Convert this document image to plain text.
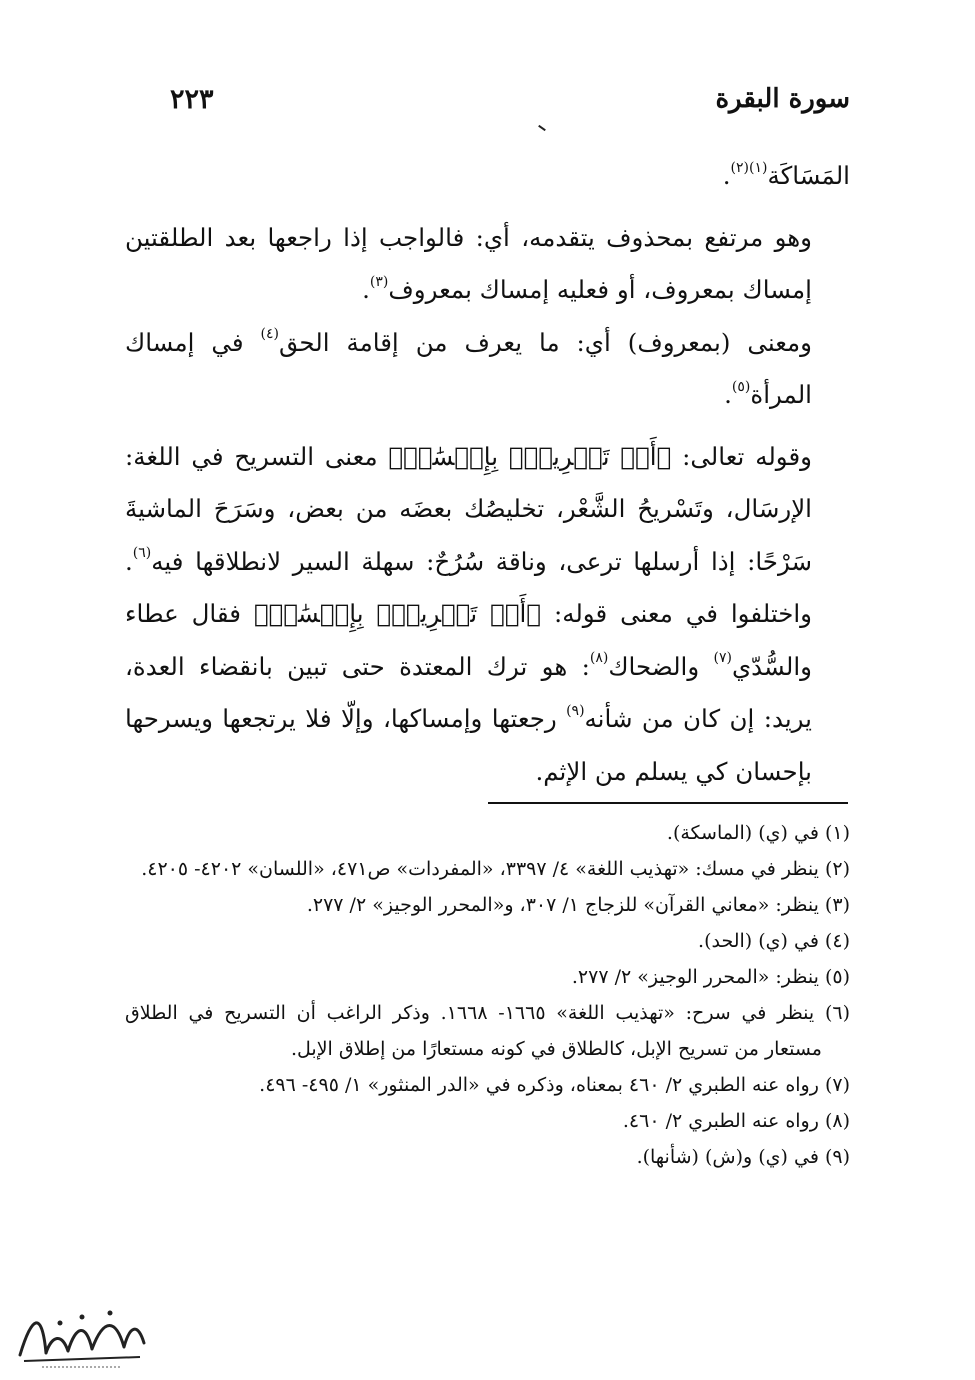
٢٢٣	سورة البقرة

المَسَاكَة$^{(١)(٢)}$.

وهو مرتفع بمحذوف يتقدمه، أي: فالواجب إذا راجعها بعد الطلقتين إمساك بمعروف، أو فعليه إمساك بمعروف$^{(٣)}$.

ومعنى (بمعروف) أي: ما يعرف من إقامة الحق$^{(٤)}$ في إمساك المرأة$^{(٥)}$.

وقوله تعالى: ﴿أَوۡ تَسۡرِيحُۢ بِإِحۡسَٰنٖ﴾ معنى التسريح في اللغة: الإرسَال، وتَسْريحُ الشَّعْر، تخليصُك بعضَه من بعض، وسَرَحَ الماشيةَ سَرْحًا: إذا أرسلها ترعى، وناقة سُرُحٌ: سهلة السير لانطلاقها فيه$^{(٦)}$. واختلفوا في معنى قوله: ﴿أَوۡ تَسۡرِيحُۢ بِإِحۡسَٰنٖ﴾ فقال عطاء والسُّدّي$^{(٧)}$ والضحاك$^{(٨)}$: هو ترك المعتدة حتى تبين بانقضاء العدة، يريد: إن كان من شأنه$^{(٩)}$ رجعتها وإمساكها، وإلّا فلا يرتجعها ويسرحها بإحسان كي يسلم من الإثم.

(١) في (ي) (الماسكة).

(٢) ينظر في مسك: «تهذيب اللغة» ٤/ ٣٣٩٧، «المفردات» ص٤٧١، «اللسان» ٤٢٠٢- ٤٢٠٥.

(٣) ينظر: «معاني القرآن» للزجاج ١/ ٣٠٧، و«المحرر الوجيز» ٢/ ٢٧٧.

(٤) في (ي) (الحد).

(٥) ينظر: «المحرر الوجيز» ٢/ ٢٧٧.

(٦) ينظر في سرح: «تهذيب اللغة» ١٦٦٥- ١٦٦٨. وذكر الراغب أن التسريح في الطلاق مستعار من تسريح الإبل، كالطلاق في كونه مستعارًا من إطلاق الإبل.

(٧) رواه عنه الطبري ٢/ ٤٦٠ بمعناه، وذكره في «الدر المنثور» ١/ ٤٩٥- ٤٩٦.

(٨) رواه عنه الطبري ٢/ ٤٦٠.

(٩) في (ي) و(ش) (شأنها).
